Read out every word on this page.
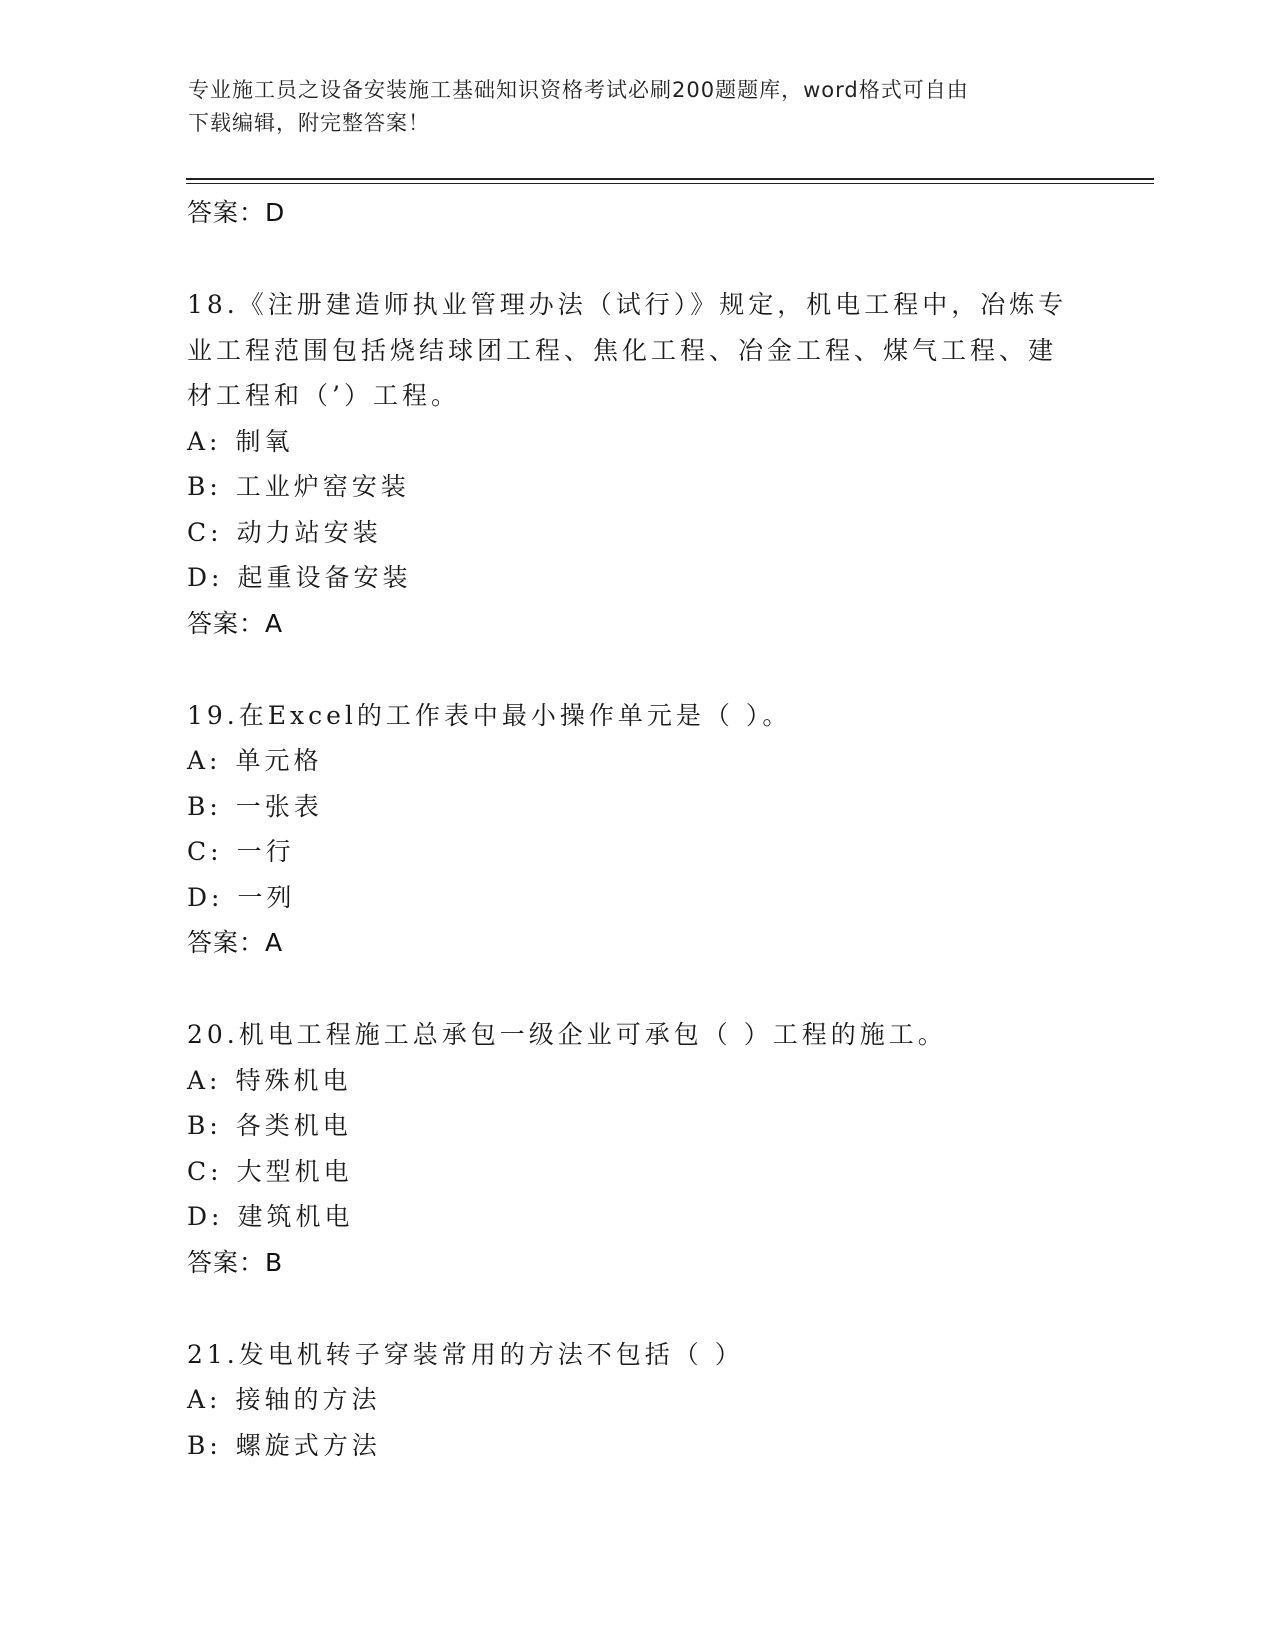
专业施工员之设备安装施工基础知识资格考试必刷200题题库，word格式可自由
下载编辑，附完整答案！
答案：D
18.《注册建造师执业管理办法（试行）》规定，机电工程中，冶炼专
业工程范围包括烧结球团工程、焦化工程、冶金工程、煤气工程、建
材工程和（’）工程。
A: 制氧
B: 工业炉窑安装
C: 动力站安装
D: 起重设备安装
答案：A
19.在Excel的工作表中最小操作单元是（ ）。
A: 单元格
B: 一张表
C: 一行
D: 一列
答案：A
20.机电工程施工总承包一级企业可承包（ ）工程的施工。
A: 特殊机电
B: 各类机电
C: 大型机电
D: 建筑机电
答案：B
21.发电机转子穿装常用的方法不包括（ ）
A: 接轴的方法
B: 螺旋式方法
